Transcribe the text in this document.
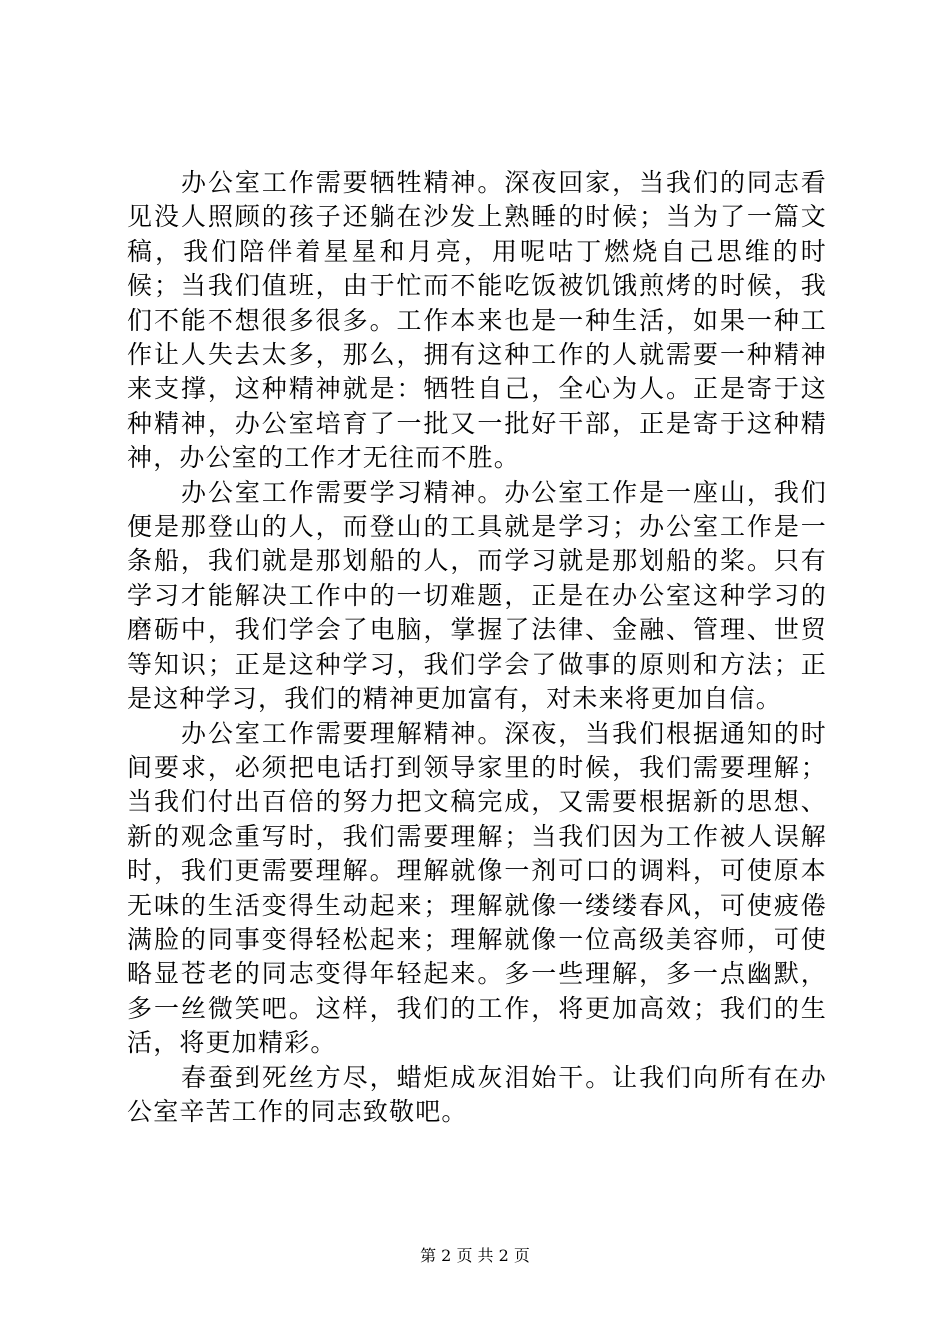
办公室工作需要牺牲精神。深夜回家，当我们的同志看见没人照顾的孩子还躺在沙发上熟睡的时候；当为了一篇文稿，我们陪伴着星星和月亮，用呢咕丁燃烧自己思维的时候；当我们值班，由于忙而不能吃饭被饥饿煎烤的时候，我们不能不想很多很多。工作本来也是一种生活，如果一种工作让人失去太多，那么，拥有这种工作的人就需要一种精神来支撑，这种精神就是：牺牲自己，全心为人。正是寄于这种精神，办公室培育了一批又一批好干部，正是寄于这种精神，办公室的工作才无往而不胜。

办公室工作需要学习精神。办公室工作是一座山，我们便是那登山的人，而登山的工具就是学习；办公室工作是一条船，我们就是那划船的人，而学习就是那划船的桨。只有学习才能解决工作中的一切难题，正是在办公室这种学习的磨砺中，我们学会了电脑，掌握了法律、金融、管理、世贸等知识；正是这种学习，我们学会了做事的原则和方法；正是这种学习，我们的精神更加富有，对未来将更加自信。

办公室工作需要理解精神。深夜，当我们根据通知的时间要求，必须把电话打到领导家里的时候，我们需要理解；当我们付出百倍的努力把文稿完成，又需要根据新的思想、新的观念重写时，我们需要理解；当我们因为工作被人误解时，我们更需要理解。理解就像一剂可口的调料，可使原本无味的生活变得生动起来；理解就像一缕缕春风，可使疲倦满脸的同事变得轻松起来；理解就像一位高级美容师，可使略显苍老的同志变得年轻起来。多一些理解，多一点幽默，多一丝微笑吧。这样，我们的工作，将更加高效；我们的生活，将更加精彩。

春蚕到死丝方尽，蜡炬成灰泪始干。让我们向所有在办公室辛苦工作的同志致敬吧。

第 2 页 共 2 页
